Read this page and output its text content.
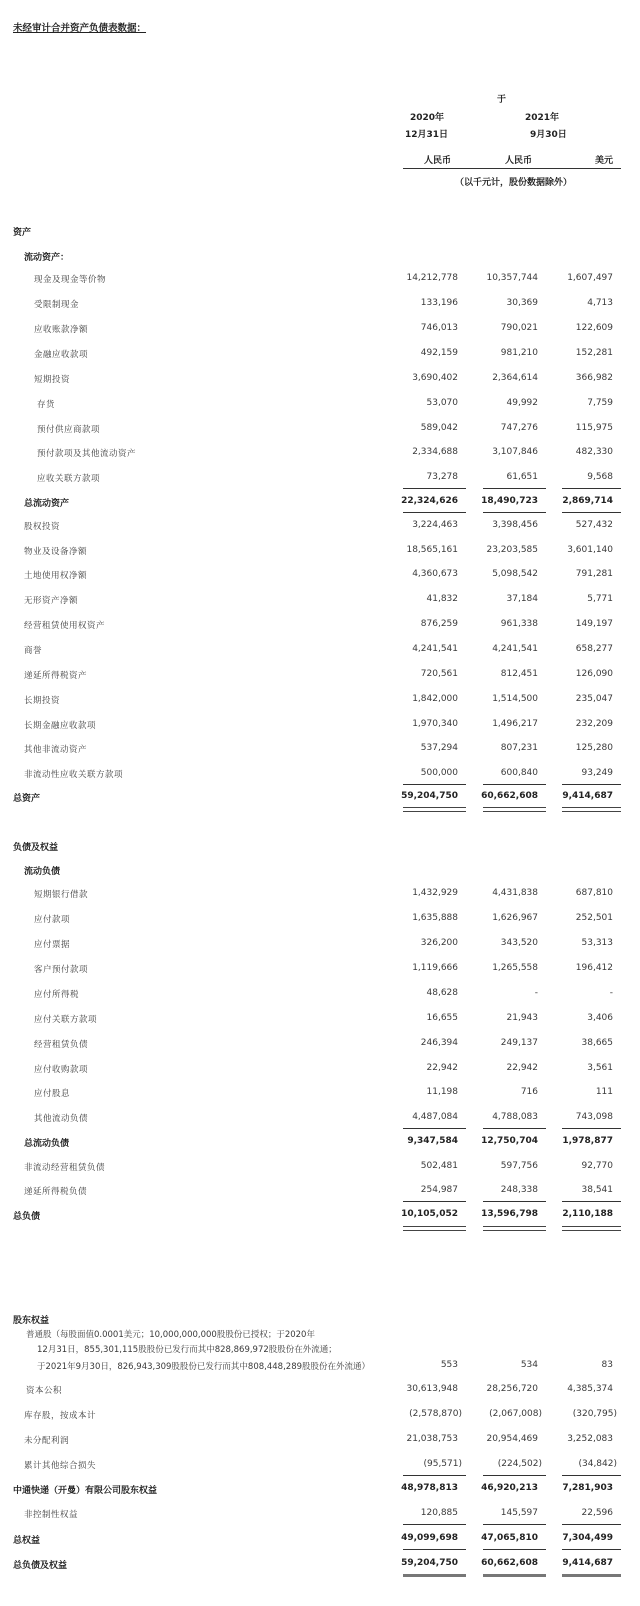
未经审计合并资产负债表数据：
于
2020年
12月31日
2021年
9月30日
人民币	人民币	美元
（以千元计，股份数据除外）
资产
流动资产：
现金及现金等价物	14,212,778	10,357,744	1,607,497
受限制现金	133,196	30,369	4,713
应收账款净额	746,013	790,021	122,609
金融应收款项	492,159	981,210	152,281
短期投资	3,690,402	2,364,614	366,982
存货	53,070	49,992	7,759
预付供应商款项	589,042	747,276	115,975
预付款项及其他流动资产	2,334,688	3,107,846	482,330
应收关联方款项	73,278	61,651	9,568
总流动资产	22,324,626	18,490,723	2,869,714
股权投资	3,224,463	3,398,456	527,432
物业及设备净额	18,565,161	23,203,585	3,601,140
土地使用权净额	4,360,673	5,098,542	791,281
无形资产净额	41,832	37,184	5,771
经营租赁使用权资产	876,259	961,338	149,197
商誉	4,241,541	4,241,541	658,277
递延所得税资产	720,561	812,451	126,090
长期投资	1,842,000	1,514,500	235,047
长期金融应收款项	1,970,340	1,496,217	232,209
其他非流动资产	537,294	807,231	125,280
非流动性应收关联方款项	500,000	600,840	93,249
总资产	59,204,750	60,662,608	9,414,687
负债及权益
流动负债
短期银行借款	1,432,929	4,431,838	687,810
应付款项	1,635,888	1,626,967	252,501
应付票据	326,200	343,520	53,313
客户预付款项	1,119,666	1,265,558	196,412
应付所得税	48,628	-	-
应付关联方款项	16,655	21,943	3,406
经营租赁负债	246,394	249,137	38,665
应付收购款项	22,942	22,942	3,561
应付股息	11,198	716	111
其他流动负债	4,487,084	4,788,083	743,098
总流动负债	9,347,584	12,750,704	1,978,877
非流动经营租赁负债	502,481	597,756	92,770
递延所得税负债	254,987	248,338	38,541
总负债	10,105,052	13,596,798	2,110,188
股东权益
普通股（每股面值0.0001美元；10,000,000,000股股份已授权；于2020年
12月31日，855,301,115股股份已发行而其中828,869,972股股份在外流通；
于2021年9月30日，826,943,309股股份已发行而其中808,448,289股股份在外流通）	553	534	83
资本公积	30,613,948	28,256,720	4,385,374
库存股，按成本计	(2,578,870)	(2,067,008)	(320,795)
未分配利润	21,038,753	20,954,469	3,252,083
累计其他综合损失	(95,571)	(224,502)	(34,842)
中通快递（开曼）有限公司股东权益	48,978,813	46,920,213	7,281,903
非控制性权益	120,885	145,597	22,596
总权益	49,099,698	47,065,810	7,304,499
总负债及权益	59,204,750	60,662,608	9,414,687
